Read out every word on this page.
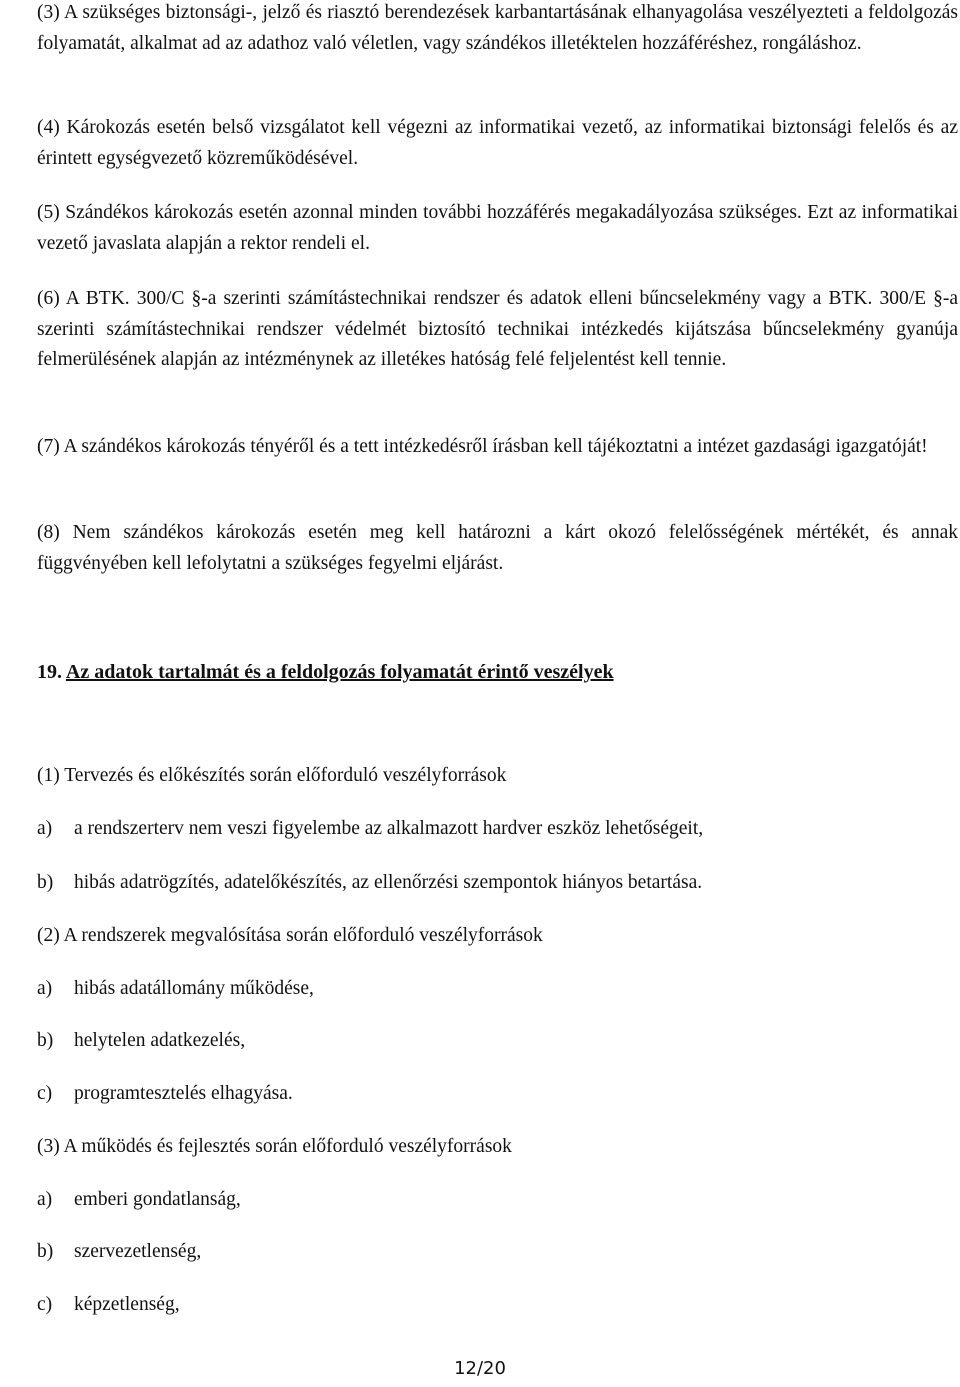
(3) A szükséges biztonsági-, jelző és riasztó berendezések karbantartásának elhanyagolása veszélyezteti a feldolgozás folyamatát, alkalmat ad az adathoz való véletlen, vagy szándékos illetéktelen hozzáféréshez, rongáláshoz.

(4) Károkozás esetén belső vizsgálatot kell végezni az informatikai vezető, az informatikai biztonsági felelős és az érintett egységvezető közreműködésével.

(5) Szándékos károkozás esetén azonnal minden további hozzáférés megakadályozása szükséges. Ezt az informatikai vezető javaslata alapján a rektor rendeli el.

(6) A BTK. 300/C §-a szerinti számítástechnikai rendszer és adatok elleni bűncselekmény vagy a BTK. 300/E §-a szerinti számítástechnikai rendszer védelmét biztosító technikai intézkedés kijátszása bűncselekmény gyanúja felmerülésének alapján az intézménynek az illetékes hatóság felé feljelentést kell tennie.

(7) A szándékos károkozás tényéről és a tett intézkedésről írásban kell tájékoztatni a intézet gazdasági igazgatóját!

(8) Nem szándékos károkozás esetén meg kell határozni a kárt okozó felelősségének mértékét, és annak függvényében kell lefolytatni a szükséges fegyelmi eljárást.

19. Az adatok tartalmát és a feldolgozás folyamatát érintő veszélyek

(1) Tervezés és előkészítés során előforduló veszélyforrások

a) a rendszerterv nem veszi figyelembe az alkalmazott hardver eszköz lehetőségeit,

b) hibás adatrögzítés, adatelőkészítés, az ellenőrzési szempontok hiányos betartása.

(2) A rendszerek megvalósítása során előforduló veszélyforrások

a) hibás adatállomány működése,

b) helytelen adatkezelés,

c) programtesztelés elhagyása.

(3) A működés és fejlesztés során előforduló veszélyforrások

a) emberi gondatlanság,

b) szervezetlenség,

c) képzetlenség,

12/20
